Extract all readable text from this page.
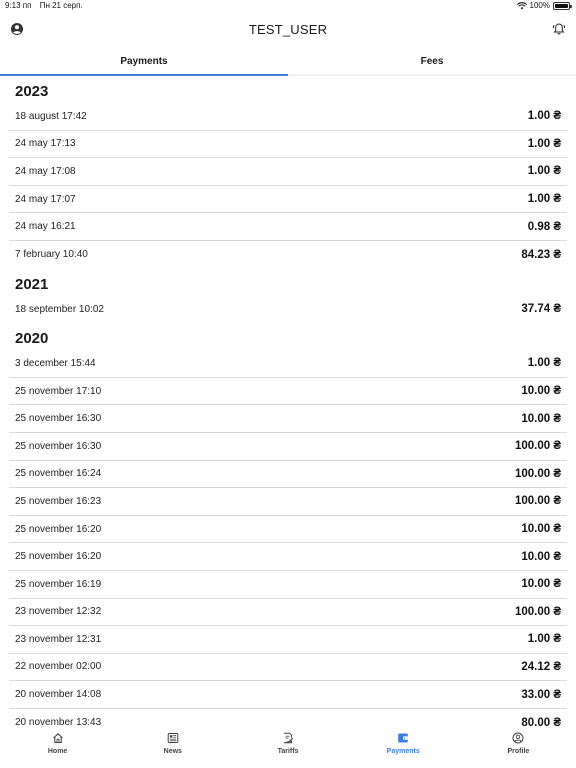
9:13 пп Пн 21 серп.	100%
TEST_USER
Payments	Fees
2023
18 august 17:42	1.00 ₴
24 may 17:13	1.00 ₴
24 may 17:08	1.00 ₴
24 may 17:07	1.00 ₴
24 may 16:21	0.98 ₴
7 february 10:40	84.23 ₴
2021
18 september 10:02	37.74 ₴
2020
3 december 15:44	1.00 ₴
25 november 17:10	10.00 ₴
25 november 16:30	10.00 ₴
25 november 16:30	100.00 ₴
25 november 16:24	100.00 ₴
25 november 16:23	100.00 ₴
25 november 16:20	10.00 ₴
25 november 16:20	10.00 ₴
25 november 16:19	10.00 ₴
23 november 12:32	100.00 ₴
23 november 12:31	1.00 ₴
22 november 02:00	24.12 ₴
20 november 14:08	33.00 ₴
20 november 13:43	80.00 ₴
Home	News	Tariffs	Payments	Profile
